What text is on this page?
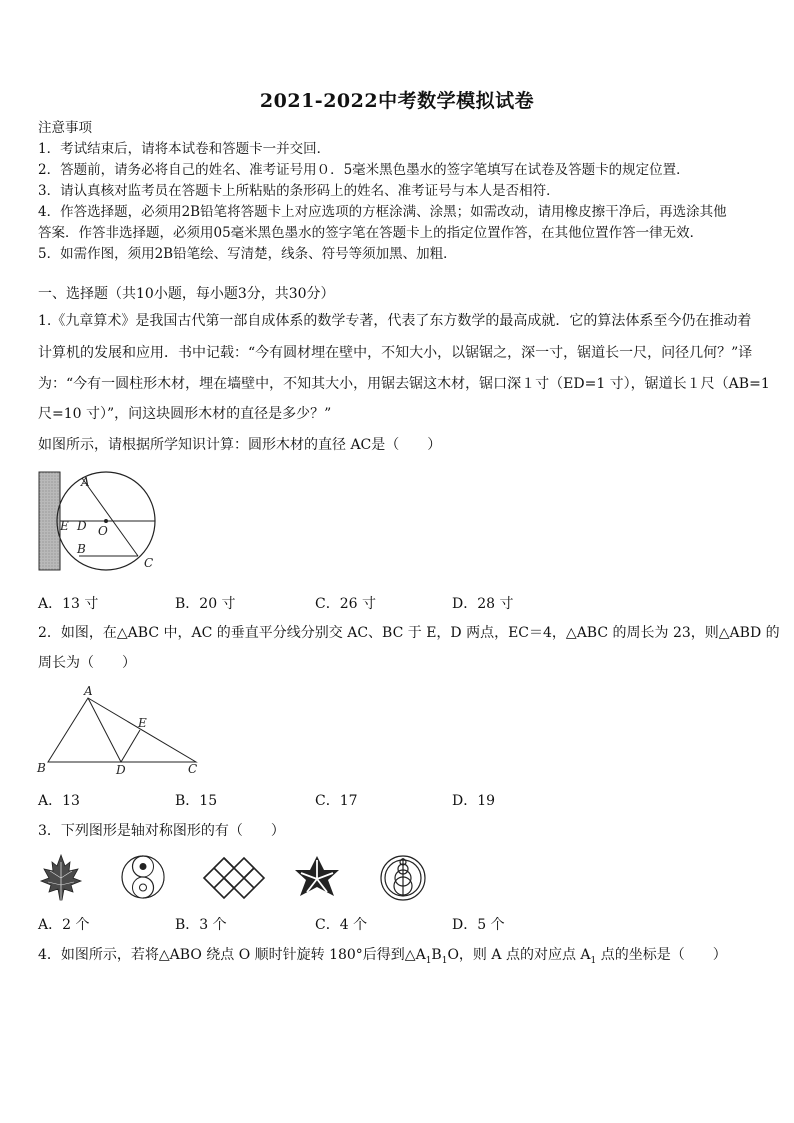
2021-2022中考数学模拟试卷
注意事项
1．考试结束后，请将本试卷和答题卡一并交回．
2．答题前，请务必将自己的姓名、准考证号用０．5毫米黑色墨水的签字笔填写在试卷及答题卡的规定位置．
3．请认真核对监考员在答题卡上所粘贴的条形码上的姓名、准考证号与本人是否相符．
4．作答选择题，必须用2B铅笔将答题卡上对应选项的方框涂满、涂黑；如需改动，请用橡皮擦干净后，再选涂其他
答案．作答非选择题，必须用05毫米黑色墨水的签字笔在答题卡上的指定位置作答，在其他位置作答一律无效．
5．如需作图，须用2B铅笔绘、写清楚，线条、符号等须加黑、加粗．
一、选择题（共10小题，每小题3分，共30分）
1.《九章算术》是我国古代第一部自成体系的数学专著，代表了东方数学的最高成就．它的算法体系至今仍在推动着
计算机的发展和应用．书中记载：“今有圆材埋在壁中，不知大小，以锯锯之，深一寸，锯道长一尺，问径几何？”译
为：“今有一圆柱形木材，埋在墙壁中，不知其大小，用锯去锯这木材，锯口深１寸（ED=1 寸），锯道长１尺（AB=1
尺=10 寸）”，问这块圆形木材的直径是多少？”
如图所示，请根据所学知识计算：圆形木材的直径 AC是（　　）
A
E D O
B
C
A．13 寸	B．20 寸	C．26 寸	D．28 寸
2．如图，在△ABC 中，AC 的垂直平分线分别交 AC、BC 于 E，D 两点，EC＝4，△ABC 的周长为 23，则△ABD 的
周长为（　　）
A
E
B	D	C
A．13	B．15	C．17	D．19
3．下列图形是轴对称图形的有（　　）
A．2 个	B．3 个	C．4 个	D．5 个
4．如图所示，若将△ABO 绕点 O 顺时针旋转 180°后得到$\triangle A_1B_1O$，则 A 点的对应点 $A_1$ 点的坐标是（　　）
